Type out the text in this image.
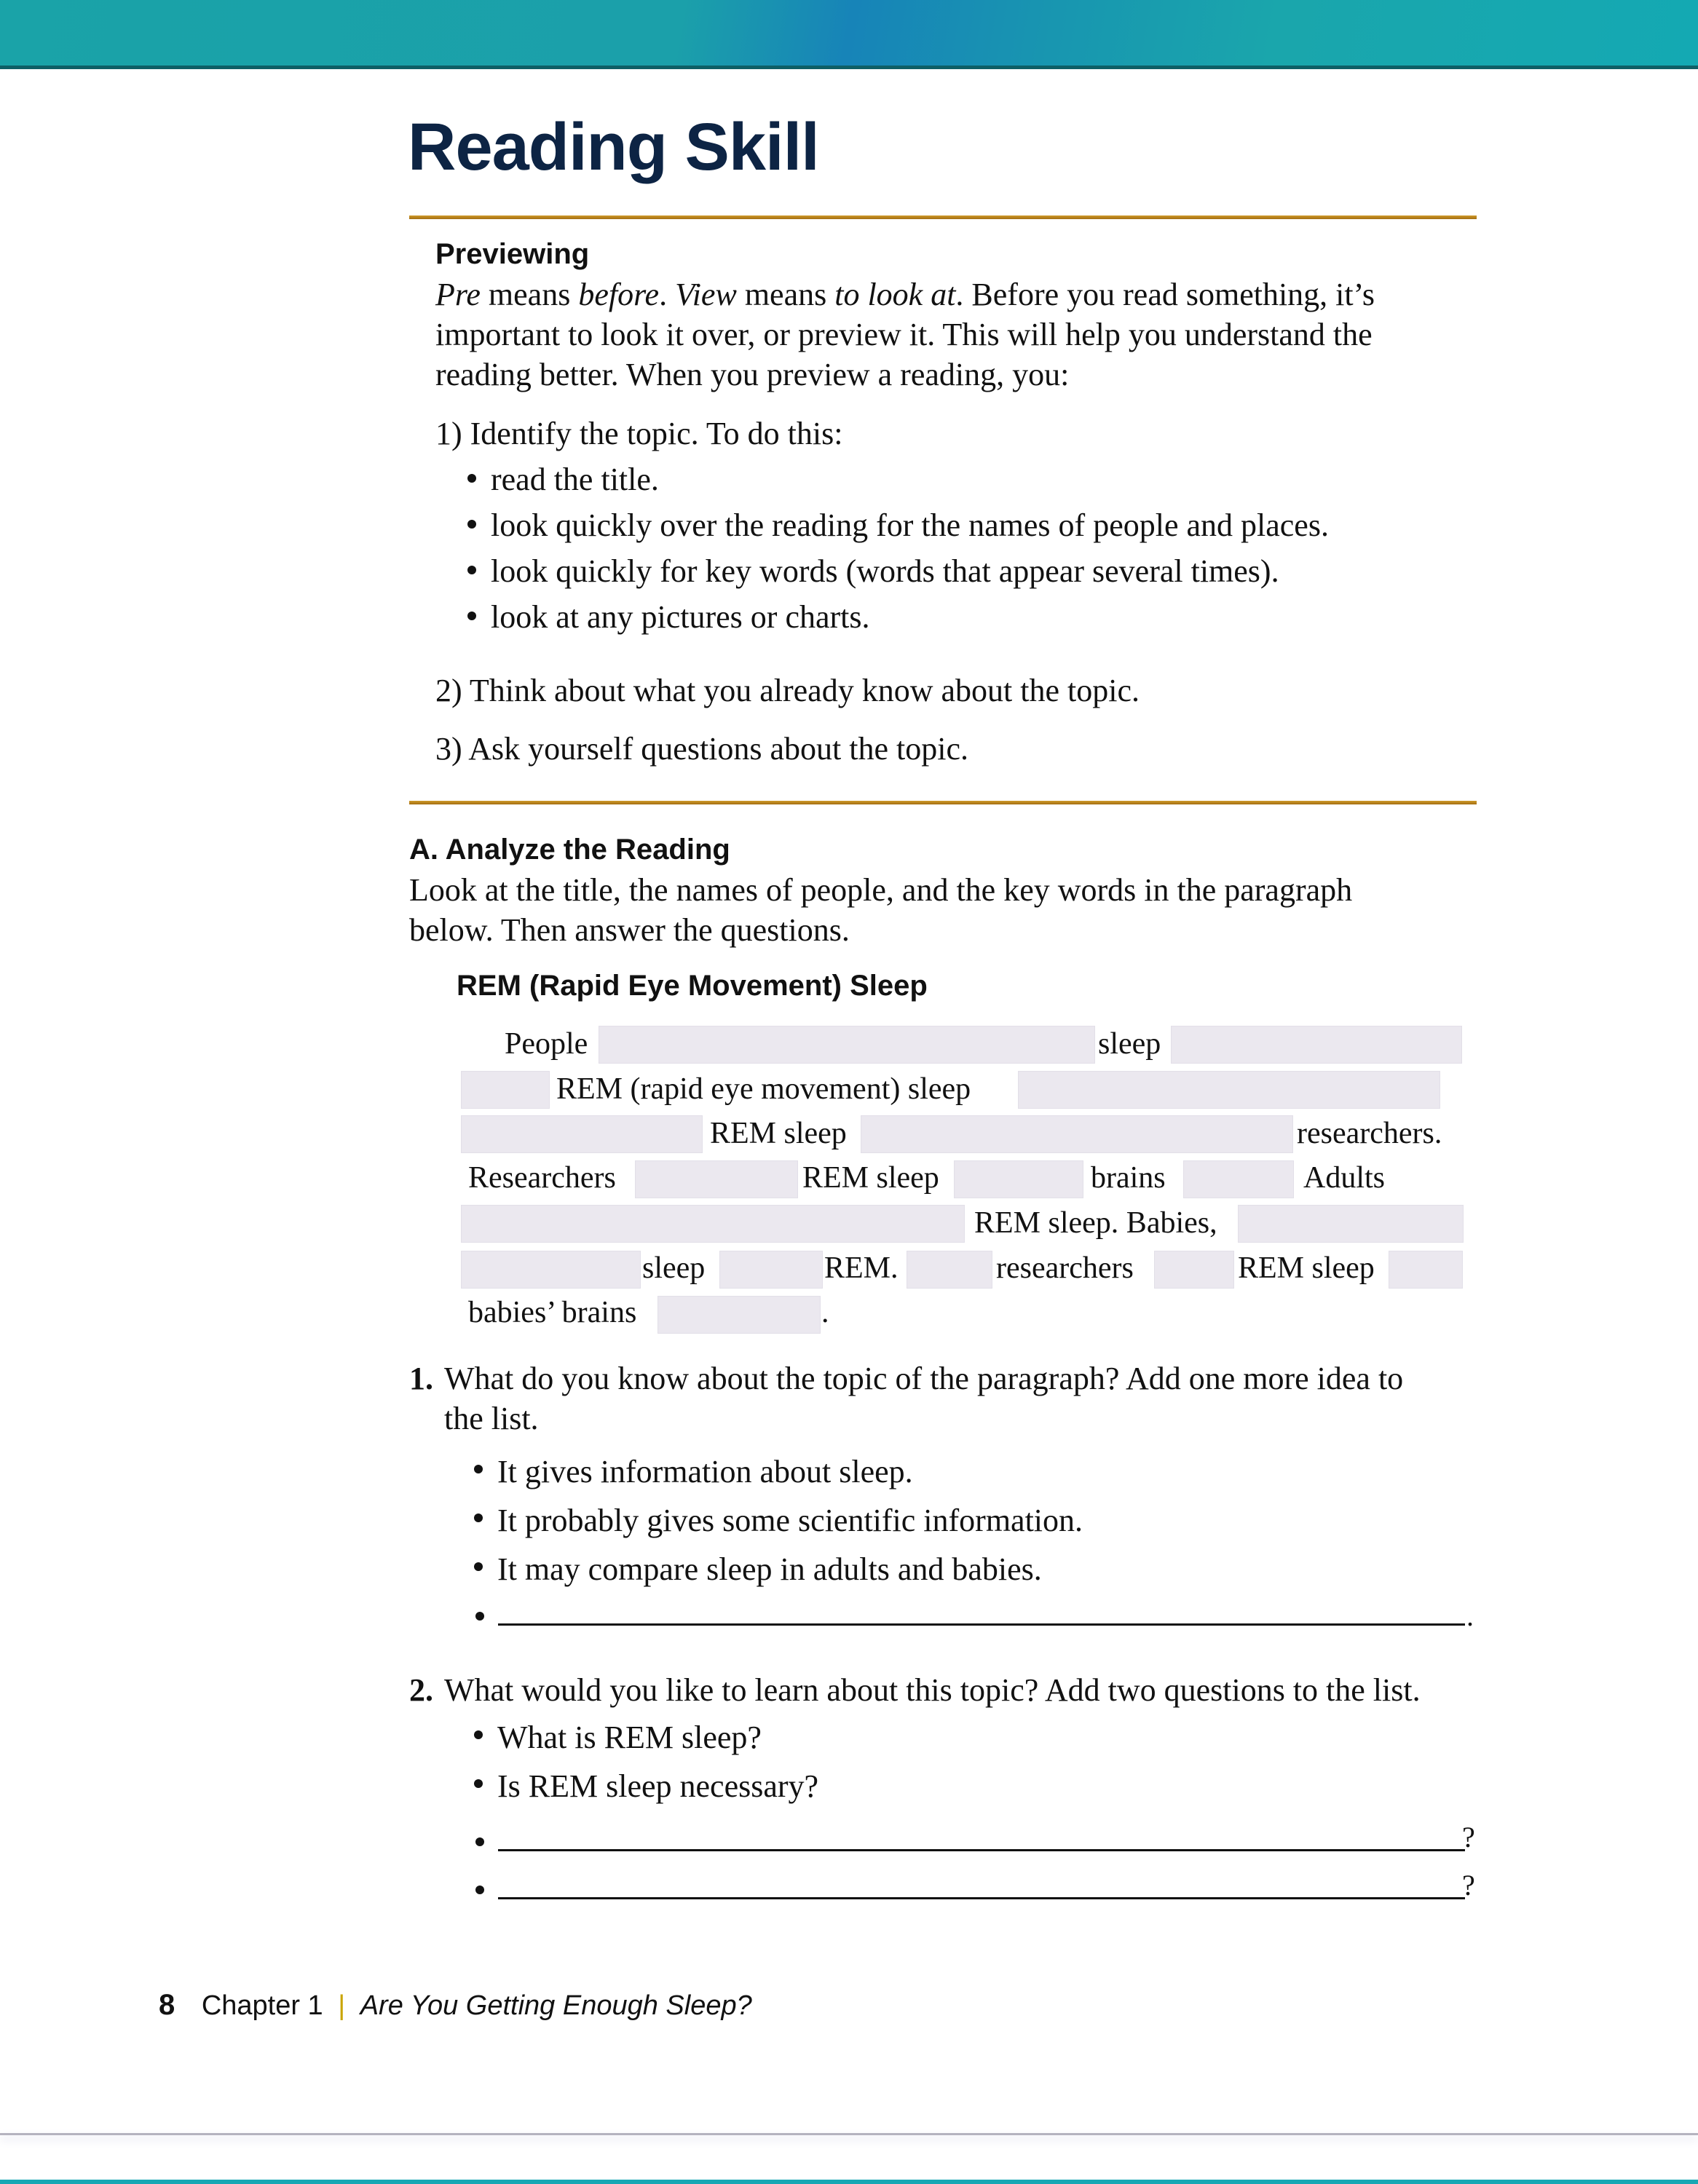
Reading Skill
Previewing
Pre means before. View means to look at. Before you read something, it’s
important to look it over, or preview it. This will help you understand the
reading better. When you preview a reading, you:
1) Identify the topic. To do this:
read the title.
look quickly over the reading for the names of people and places.
look quickly for key words (words that appear several times).
look at any pictures or charts.
2) Think about what you already know about the topic.
3) Ask yourself questions about the topic.
A. Analyze the Reading
Look at the title, the names of people, and the key words in the paragraph
below. Then answer the questions.
REM (Rapid Eye Movement) Sleep
People	sleep
REM (rapid eye movement) sleep
REM sleep	researchers.
Researchers	REM sleep	brains	Adults
REM sleep. Babies,
sleep	REM.	researchers	REM sleep
babies’ brains	.
1. What do you know about the topic of the paragraph? Add one more idea to
the list.
It gives information about sleep.
It probably gives some scientific information.
It may compare sleep in adults and babies.
.
2. What would you like to learn about this topic? Add two questions to the list.
What is REM sleep?
Is REM sleep necessary?
?
?
8 Chapter 1 | Are You Getting Enough Sleep?
